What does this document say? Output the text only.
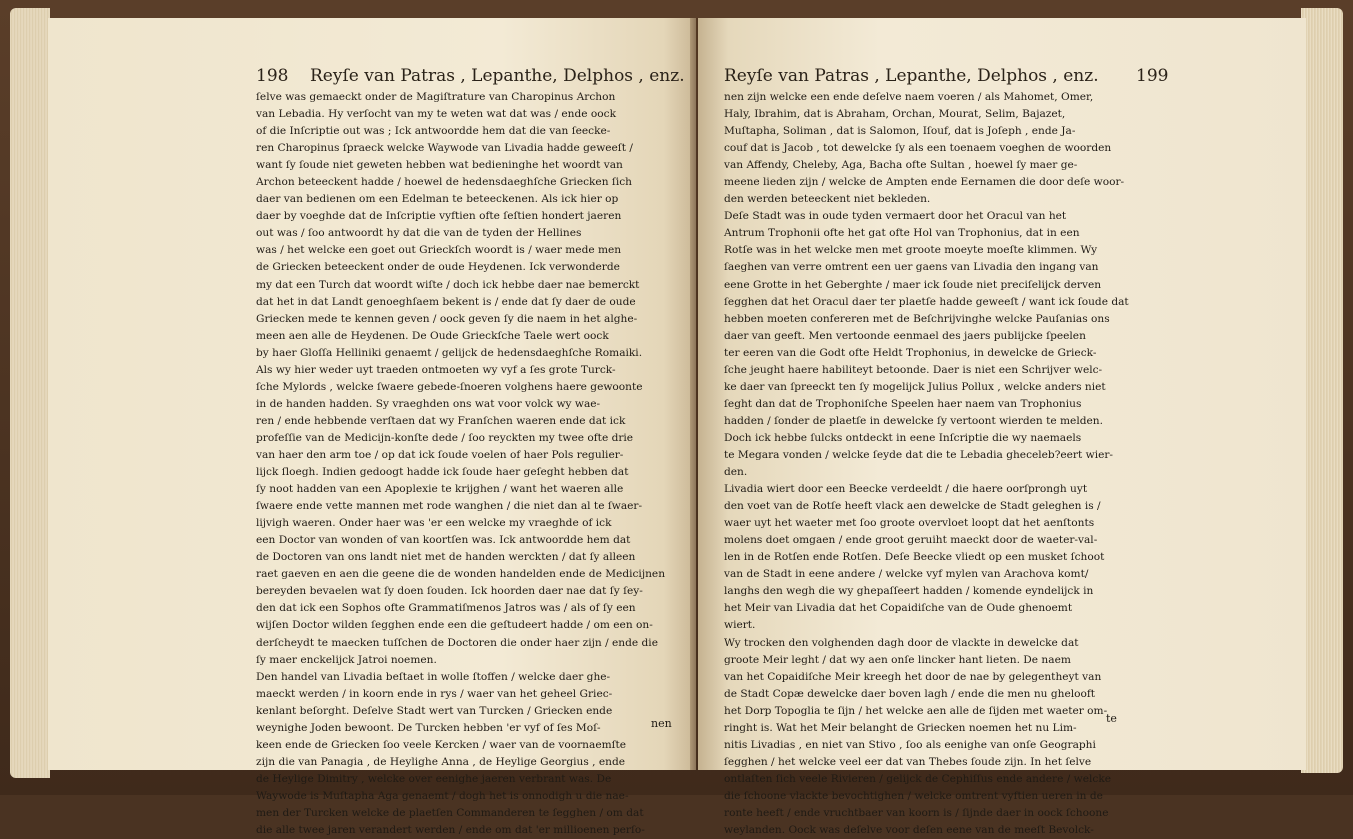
198 Reyſe van Patras , Lepanthe, Delphos , enz.
ſelve was gemaeckt onder de Magiſtrature van Charopinus Archon
van Lebadia. Hy verſocht van my te weten wat dat was / ende oock
of die Inſcriptie out was ; Ick antwoordde hem dat die van ſeecke-
ren Charopinus ſpraeck welcke Waywode van Livadia hadde geweeſt /
want ſy ſoude niet geweten hebben wat bedieninghe het woordt van
Archon beteeckent hadde / hoewel de hedensdaeghſche Griecken ſich
daer van bedienen om een Edelman te beteeckenen. Als ick hier op
daer by voeghde dat de Inſcriptie vyftien ofte ſeſtien hondert jaeren
out was / ſoo antwoordt hy dat die van de tyden der Hellines
was / het welcke een goet out Grieckſch woordt is / waer mede men
de Griecken beteeckent onder de oude Heydenen. Ick verwonderde
my dat een Turch dat woordt wiſte / doch ick hebbe daer nae bemerckt
dat het in dat Landt genoeghſaem bekent is / ende dat ſy daer de oude
Griecken mede te kennen geven / oock geven ſy die naem in het alghe-
meen aen alle de Heydenen. De Oude Grieckſche Taele wert oock
by haer Gloſſa Helliniki genaemt / gelijck de hedensdaeghſche Romaiki.
Als wy hier weder uyt traeden ontmoeten wy vyf a ſes grote Turck-
ſche Mylords , welcke ſwaere gebede-ſnoeren volghens haere gewoonte
in de handen hadden. Sy vraeghden ons wat voor volck wy wae-
ren / ende hebbende verſtaen dat wy Franſchen waeren ende dat ick
profeſſie van de Medicijn-konſte dede / ſoo reyckten my twee ofte drie
van haer den arm toe / op dat ick ſoude voelen of haer Pols regulier-
lijck ſloegh. Indien gedoogt hadde ick ſoude haer geſeght hebben dat
ſy noot hadden van een Apoplexie te krijghen / want het waeren alle
ſwaere ende vette mannen met rode wanghen / die niet dan al te ſwaer-
lijvigh waeren. Onder haer was 'er een welcke my vraeghde of ick
een Doctor van wonden of van koortſen was. Ick antwoordde hem dat
de Doctoren van ons landt niet met de handen werckten / dat ſy alleen
raet gaeven en aen die geene die de wonden handelden ende de Medicijnen
bereyden bevaelen wat ſy doen ſouden. Ick hoorden daer nae dat ſy ſey-
den dat ick een Sophos ofte Grammatiſmenos Jatros was / als of ſy een
wijſen Doctor wilden ſegghen ende een die geſtudeert hadde / om een on-
derſcheydt te maecken tuſſchen de Doctoren die onder haer zijn / ende die
ſy maer enckelijck Jatroi noemen.
Den handel van Livadia beſtaet in wolle ſtoffen / welcke daer ghe-
maeckt werden / in koorn ende in rys / waer van het geheel Griec-
kenlant beſorght. Deſelve Stadt wert van Turcken / Griecken ende
weynighe Joden bewoont. De Turcken hebben 'er vyf of ſes Moſ-
keen ende de Griecken ſoo veele Kercken / waer van de voornaemſte
zijn die van Panagia , de Heylighe Anna , de Heylige Georgius , ende
de Heylige Dimitry , welcke over eenighe jaeren verbrant was. De
Waywode is Muſtapha Aga genaemt / dogh het is onnodigh u die nae-
men der Turcken welcke de plaetſen Commanderen te ſegghen / om dat
die alle twee jaren verandert werden / ende om dat 'er millioenen perſo-
nen
Reyſe van Patras , Lepanthe, Delphos , enz. 199
nen zijn welcke een ende deſelve naem voeren / als Mahomet, Omer,
Haly, Ibrahim, dat is Abraham, Orchan, Mourat, Selim, Bajazet,
Muſtapha, Soliman , dat is Salomon, Iſouf, dat is Joſeph , ende Ja-
couf dat is Jacob , tot dewelcke ſy als een toenaem voeghen de woorden
van Affendy, Cheleby, Aga, Bacha ofte Sultan , hoewel ſy maer ge-
meene lieden zijn / welcke de Ampten ende Eernamen die door deſe woor-
den werden beteeckent niet bekleden.
Deſe Stadt was in oude tyden vermaert door het Oracul van het
Antrum Trophonii ofte het gat ofte Hol van Trophonius, dat in een
Rotſe was in het welcke men met groote moeyte moeſte klimmen. Wy
ſaeghen van verre omtrent een uer gaens van Livadia den ingang van
eene Grotte in het Geberghte / maer ick ſoude niet preciſelijck derven
ſegghen dat het Oracul daer ter plaetſe hadde geweeſt / want ick ſoude dat
hebben moeten confereren met de Beſchrijvinghe welcke Pauſanias ons
daer van geeft. Men vertoonde eenmael des jaers publijcke ſpeelen
ter eeren van die Godt ofte Heldt Trophonius, in dewelcke de Grieck-
ſche jeught haere habiliteyt betoonde. Daer is niet een Schrijver welc-
ke daer van ſpreeckt ten ſy mogelijck Julius Pollux , welcke anders niet
ſeght dan dat de Trophoniſche Speelen haer naem van Trophonius
hadden / ſonder de plaetſe in dewelcke ſy vertoont wierden te melden.
Doch ick hebbe ſulcks ontdeckt in eene Inſcriptie die wy naemaels
te Megara vonden / welcke ſeyde dat die te Lebadia gheceleb?eert wier-
den.
Livadia wiert door een Beecke verdeeldt / die haere oorſprongh uyt
den voet van de Rotſe heeft vlack aen dewelcke de Stadt geleghen is /
waer uyt het waeter met ſoo groote overvloet loopt dat het aenſtonts
molens doet omgaen / ende groot geruiht maeckt door de waeter-val-
len in de Rotſen ende Rotſen. Deſe Beecke vliedt op een musket ſchoot
van de Stadt in eene andere / welcke vyf mylen van Arachova komt/
langhs den wegh die wy ghepaſſeert hadden / komende eyndelijck in
het Meir van Livadia dat het Copaidiſche van de Oude ghenoemt
wiert.
Wy trocken den volghenden dagh door de vlackte in dewelcke dat
groote Meir leght / dat wy aen onſe lincker hant lieten. De naem
van het Copaidiſche Meir kreegh het door de nae by gelegentheyt van
de Stadt Copæ dewelcke daer boven lagh / ende die men nu ghelooft
het Dorp Topoglia te ſijn / het welcke aen alle de ſijden met waeter om-
ringht is. Wat het Meir belanght de Griecken noemen het nu Lim-
nitis Livadias , en niet van Stivo , ſoo als eenighe van onſe Geographi
ſegghen / het welcke veel eer dat van Thebes ſoude zijn. In het ſelve
ontlaſten ſich veele Rivieren / gelijck de Cephiſſus ende andere / welcke
die ſchoone vlackte bevochtighen / welcke omtrent vyftien ueren in de
ronte heeft / ende vruchtbaer van koorn is / ſijnde daer in oock ſchoone
weylanden. Oock was deſelve voor deſen eene van de meeſt Bevolck-
te
